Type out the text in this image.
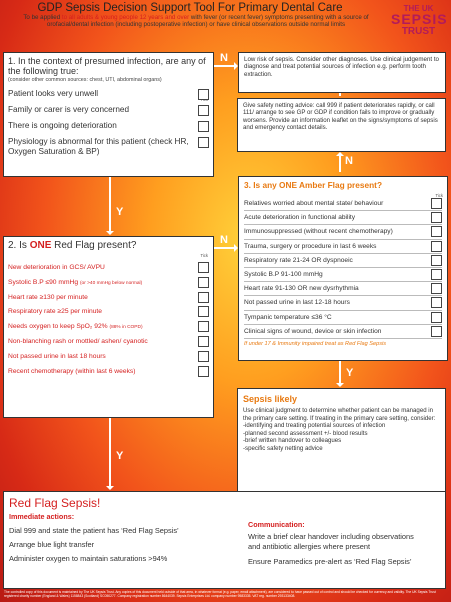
GDP Sepsis Decision Support Tool For Primary Dental Care
To be applied to all adults & young people 12 years and over with fever (or recent fever) symptoms presenting with a source of orofacial/dental infection (including postoperative infection) or have clinical observations outside normal limits
THE UK
SEPSIS
TRUST
N
N
Y
N
Y
Y
1. In the context of presumed infection, are any of the following true:
(consider other common sources: chest, UTI, abdominal organs)
Patient looks very unwell
Family or carer is very concerned
There is ongoing deterioration
Physiology is abnormal for this patient (check HR, Oxygen Saturation & BP)
Low risk of sepsis. Consider other diagnoses. Use clinical judgement to diagnose and treat potential sources of infection e.g. perform tooth extraction.
Give safety netting advice: call 999 if patient deteriorates rapidly, or call 111/ arrange to see GP or GDP if condition fails to improve or gradually worsens. Provide an information leaflet on the signs/symptoms of sepsis and emergency contact details.
3. Is any ONE Amber Flag present?
Tick
Relatives worried about mental state/ behaviour
Acute deterioration in functional ability
Immunosuppressed (without recent chemotherapy)
Trauma, surgery or procedure in last 6 weeks
Respiratory rate 21-24 OR dyspnoeic
Systolic B.P 91-100 mmHg
Heart rate 91-130 OR new dysrhythmia
Not passed urine in last 12-18 hours
Tympanic temperature ≤36 °C
Clinical signs of wound, device or skin infection
If under 17 & Immunity impaired treat as Red Flag Sepsis
2. Is ONE Red Flag present?
Tick
New deterioration in GCS/ AVPU
Systolic B.P ≤90 mmHg (or >40 mmHg below normal)
Heart rate ≥130 per minute
Respiratory rate ≥25 per minute
Needs oxygen to keep SpO₂ 92% (88% in COPD)
Non-blanching rash or mottled/ ashen/ cyanotic
Not passed urine in last 18 hours
Recent chemotherapy (within last 6 weeks)
Sepsis likely
Use clinical judgment to determine whether patient can be managed in the primary care setting. If treating in the primary care setting, consider:
-identifying and treating potential sources of infection
-planned second assessment +/- blood results
-brief written handover to colleagues
-specific safety netting advice
Red Flag Sepsis!
Immediate actions:
Dial 999 and state the patient has ‘Red Flag Sepsis’
Arrange blue light transfer
Administer oxygen to maintain saturations >94%
Communication:
Write a brief clear handover including observations
and antibiotic allergies where present
Ensure Paramedics pre-alert as ‘Red Flag Sepsis’
The controlled copy of this document is maintained by The UK Sepsis Trust. Any copies of this document held outside of that area, in whatever format (e.g. paper, email attachment), are considered to have passed out of control and should be checked for currency and validity. The UK Sepsis Trust registered charity number (England & Wales) 1158843 (Scotland) SC050277. Company registration number 8644039. Sepsis Enterprises Ltd. company number 9583335. VAT reg. number 293133408.
